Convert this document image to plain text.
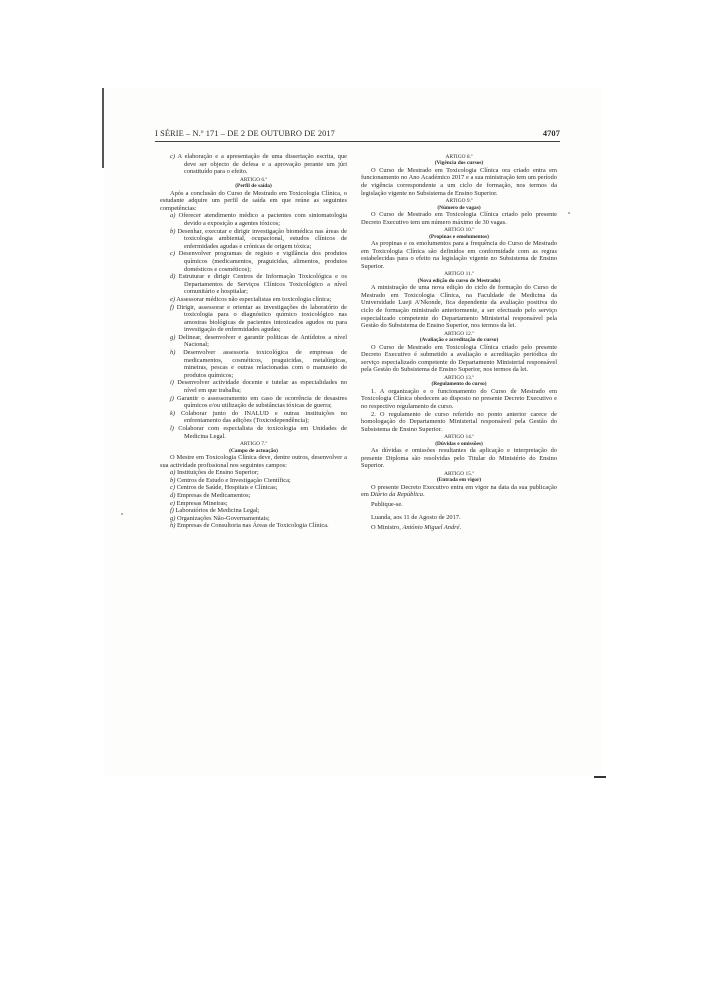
I SÉRIE – N.º 171 – DE 2 DE OUTUBRO DE 2017	4707

c) A elaboração e a apresentação de uma dissertação escrita, que deve ser objecto de defesa e a aprovação perante um júri constituído para o efeito.

ARTIGO 6.º
(Perfil de saída)

Após a conclusão do Curso de Mestrado em Toxicologia Clínica, o estudante adquire um perfil de saída em que reúne as seguintes competências:

a) Oferecer atendimento médico a pacientes com sintomatologia devido a exposição a agentes tóxicos;

b) Desenhar, executar e dirigir investigação biomédica nas áreas de toxicologia ambiental, ocupacional, estudos clínicos de enfermidades agudas e crónicas de origem tóxica;

c) Desenvolver programas de registo e vigilância dos produtos químicos (medicamentos, praguicidas, alimentos, produtos domésticos e cosméticos);

d) Estruturar e dirigir Centros de Informação Toxicológica e os Departamentos de Serviços Clínicos Toxicológico a nível comunitário e hospitalar;

e) Assessorar médicos não especialistas em toxicologia clínica;

f) Dirigir, assessorar e orientar as investigações do laboratório de toxicologia para o diagnóstico químico toxicológico nas amostras biológicas de pacientes intoxicados agudos ou para investigação de enfermidades agudas;

g) Delinear, desenvolver e garantir políticas de Antídotos a nível Nacional;

h) Desenvolver assessoria toxicológica de empresas de medicamentos, cosméticos, praguicidas, metalúrgicas, mineiras, pescas e outras relacionadas com o manuseio de produtos químicos;

i) Desenvolver actividade docente e tutelar as especialidades no nível em que trabalha;

j) Garantir o assessoramento em caso de ocorrência de desastres químicos e/ou utilização de substâncias tóxicas de guerra;

k) Colaborar junto do INALUD e outras instituições no enfrentamento das adições (Toxicodependência);

l) Colaborar com especialista de toxicologia em Unidades de Medicina Legal.

ARTIGO 7.º
(Campo de actuação)

O Mestre em Toxicologia Clínica deve, dentre outros, desenvolver a sua actividade profissional nos seguintes campos:

a) Instituições de Ensino Superior;

b) Centros de Estudo e Investigação Científica;

c) Centros de Saúde, Hospitais e Clínicas;

d) Empresas de Medicamentos;

e) Empresas Mineiras;

f) Laboratórios de Medicina Legal;

g) Organizações Não-Governamentais;

h) Empresas de Consultoria nas Áreas de Toxicologia Clínica.

ARTIGO 8.º
(Vigência dos cursos)

O Curso de Mestrado em Toxicologia Clínica ora criado entra em funcionamento no Ano Académico 2017 e a sua ministração tem um período de vigência correspondente a um ciclo de formação, nos termos da legislação vigente no Subsistema de Ensino Superior.

ARTIGO 9.º
(Número de vagas)

O Curso de Mestrado em Toxicologia Clínica criado pelo presente Decreto Executivo tem um número máximo de 30 vagas.

ARTIGO 10.º
(Propinas e emolumentos)

As propinas e os emolumentos para a frequência do Curso de Mestrado em Toxicologia Clínica são definidos em conformidade com as regras estabelecidas para o efeito na legislação vigente no Subsistema de Ensino Superior.

ARTIGO 11.º
(Nova edição do curso de Mestrado)

A ministração de uma nova edição do ciclo de formação do Curso de Mestrado em Toxicologia Clínica, na Faculdade de Medicina da Universidade Lueji A'Nkonde, fica dependente da avaliação positiva do ciclo de formação ministrado anteriormente, a ser efectuado pelo serviço especializado competente do Departamento Ministerial responsável pela Gestão do Subsistema de Ensino Superior, nos termos da lei.

ARTIGO 12.º
(Avaliação e acreditação do curso)

O Curso de Mestrado em Toxicologia Clínica criado pelo presente Decreto Executivo é submetido a avaliação e acreditação periódica do serviço especializado competente do Departamento Ministerial responsável pela Gestão do Subsistema de Ensino Superior, nos termos da lei.

ARTIGO 13.º
(Regulamento do curso)

1. A organização e o funcionamento do Curso de Mestrado em Toxicologia Clínica obedecem ao disposto no presente Decreto Executivo e no respectivo regulamento de curso.

2. O regulamento de curso referido no ponto anterior carece de homologação do Departamento Ministerial responsável pela Gestão do Subsistema de Ensino Superior.

ARTIGO 14.º
(Dúvidas e omissões)

As dúvidas e omissões resultantes da aplicação e interpretação do presente Diploma são resolvidas pelo Titular do Ministério do Ensino Superior.

ARTIGO 15.º
(Entrada em vigor)

O presente Decreto Executivo entra em vigor na data da sua publicação em Diário da República.

Publique-se.

Luanda, aos 11 de Agosto de 2017.

O Ministro, António Miguel André.
